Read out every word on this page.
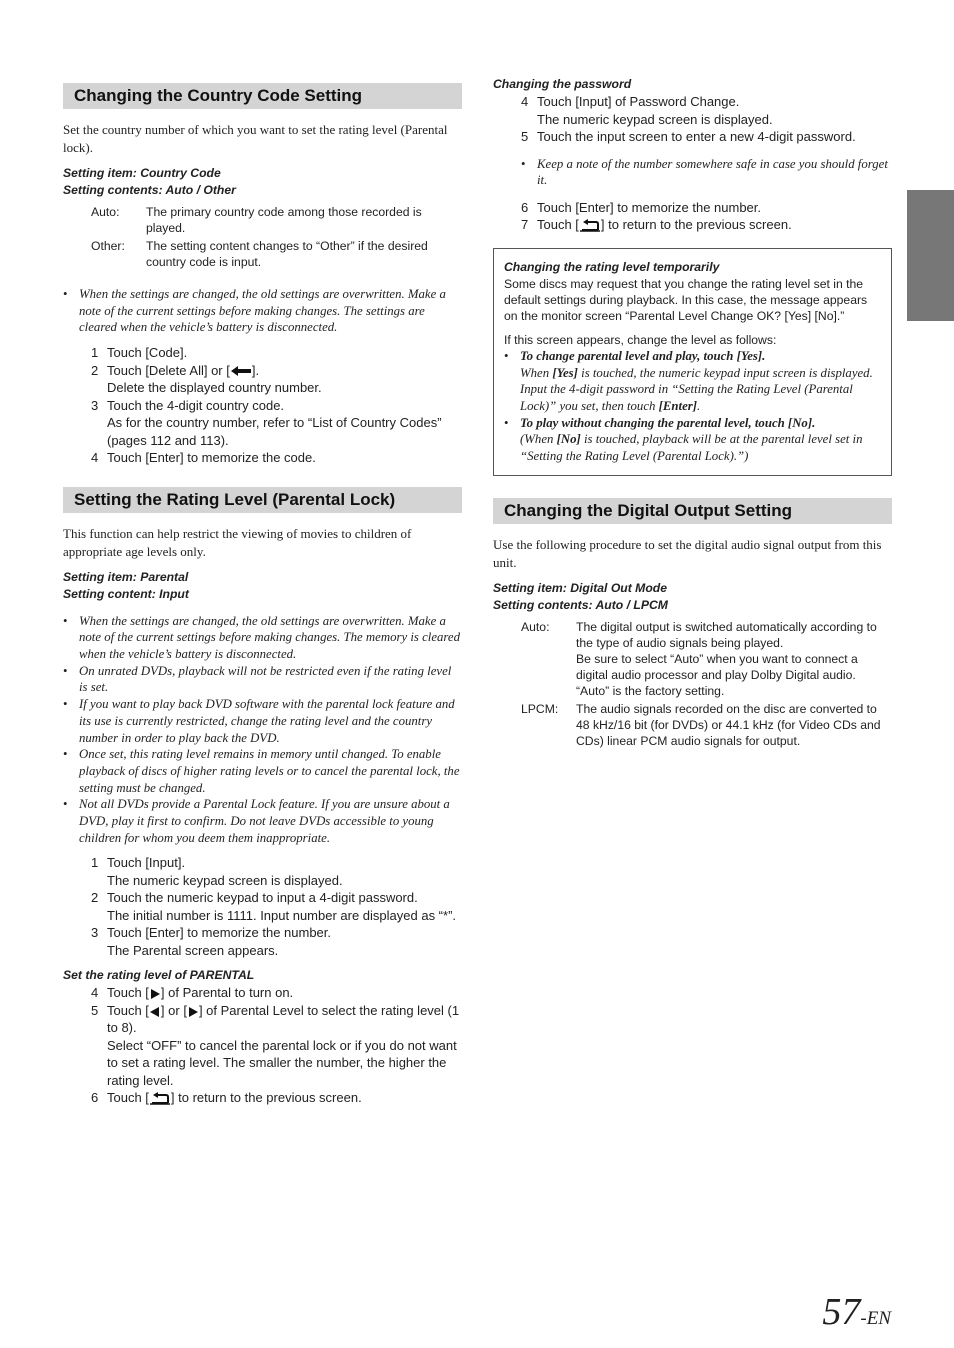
Changing the Country Code Setting
Set the country number of which you want to set the rating level (Parental lock).
Setting item: Country Code
Setting contents: Auto / Other
Auto:	The primary country code among those recorded is played.
Other:	The setting content changes to “Other” if the desired country code is input.
• When the settings are changed, the old settings are overwritten. Make a note of the current settings before making changes. The settings are cleared when the vehicle’s battery is disconnected.
1 Touch [Code].
2 Touch [Delete All] or [ ].
Delete the displayed country number.
3 Touch the 4-digit country code.
As for the country number, refer to “List of Country Codes” (pages 112 and 113).
4 Touch [Enter] to memorize the code.
Setting the Rating Level (Parental Lock)
This function can help restrict the viewing of movies to children of appropriate age levels only.
Setting item: Parental
Setting content: Input
• When the settings are changed, the old settings are overwritten. Make a note of the current settings before making changes. The memory is cleared when the vehicle’s battery is disconnected.
• On unrated DVDs, playback will not be restricted even if the rating level is set.
• If you want to play back DVD software with the parental lock feature and its use is currently restricted, change the rating level and the country number in order to play back the DVD.
• Once set, this rating level remains in memory until changed. To enable playback of discs of higher rating levels or to cancel the parental lock, the setting must be changed.
• Not all DVDs provide a Parental Lock feature. If you are unsure about a DVD, play it first to confirm. Do not leave DVDs accessible to young children for whom you deem them inappropriate.
1 Touch [Input].
The numeric keypad screen is displayed.
2 Touch the numeric keypad to input a 4-digit password.
The initial number is 1111. Input number are displayed as “*”.
3 Touch [Enter] to memorize the number.
The Parental screen appears.
Set the rating level of PARENTAL
4 Touch [ ] of Parental to turn on.
5 Touch [ ] or [ ] of Parental Level to select the rating level (1 to 8).
Select “OFF” to cancel the parental lock or if you do not want to set a rating level. The smaller the number, the higher the rating level.
6 Touch [ ] to return to the previous screen.
Changing the password
4 Touch [Input] of Password Change.
The numeric keypad screen is displayed.
5 Touch the input screen to enter a new 4-digit password.
• Keep a note of the number somewhere safe in case you should forget it.
6 Touch [Enter] to memorize the number.
7 Touch [ ] to return to the previous screen.
Changing the rating level temporarily
Some discs may request that you change the rating level set in the default settings during playback. In this case, the message appears on the monitor screen “Parental Level Change OK? [Yes] [No].”
If this screen appears, change the level as follows:
• To change parental level and play, touch [Yes].
When [Yes] is touched, the numeric keypad input screen is displayed. Input the 4-digit password in “Setting the Rating Level (Parental Lock)” you set, then touch [Enter].
• To play without changing the parental level, touch [No].
(When [No] is touched, playback will be at the parental level set in “Setting the Rating Level (Parental Lock).”)
Changing the Digital Output Setting
Use the following procedure to set the digital audio signal output from this unit.
Setting item: Digital Out Mode
Setting contents: Auto / LPCM
Auto:	The digital output is switched automatically according to the type of audio signals being played.
Be sure to select “Auto” when you want to connect a digital audio processor and play Dolby Digital audio.
“Auto” is the factory setting.
LPCM:	The audio signals recorded on the disc are converted to 48 kHz/16 bit (for DVDs) or 44.1 kHz (for Video CDs and CDs) linear PCM audio signals for output.
57-EN
